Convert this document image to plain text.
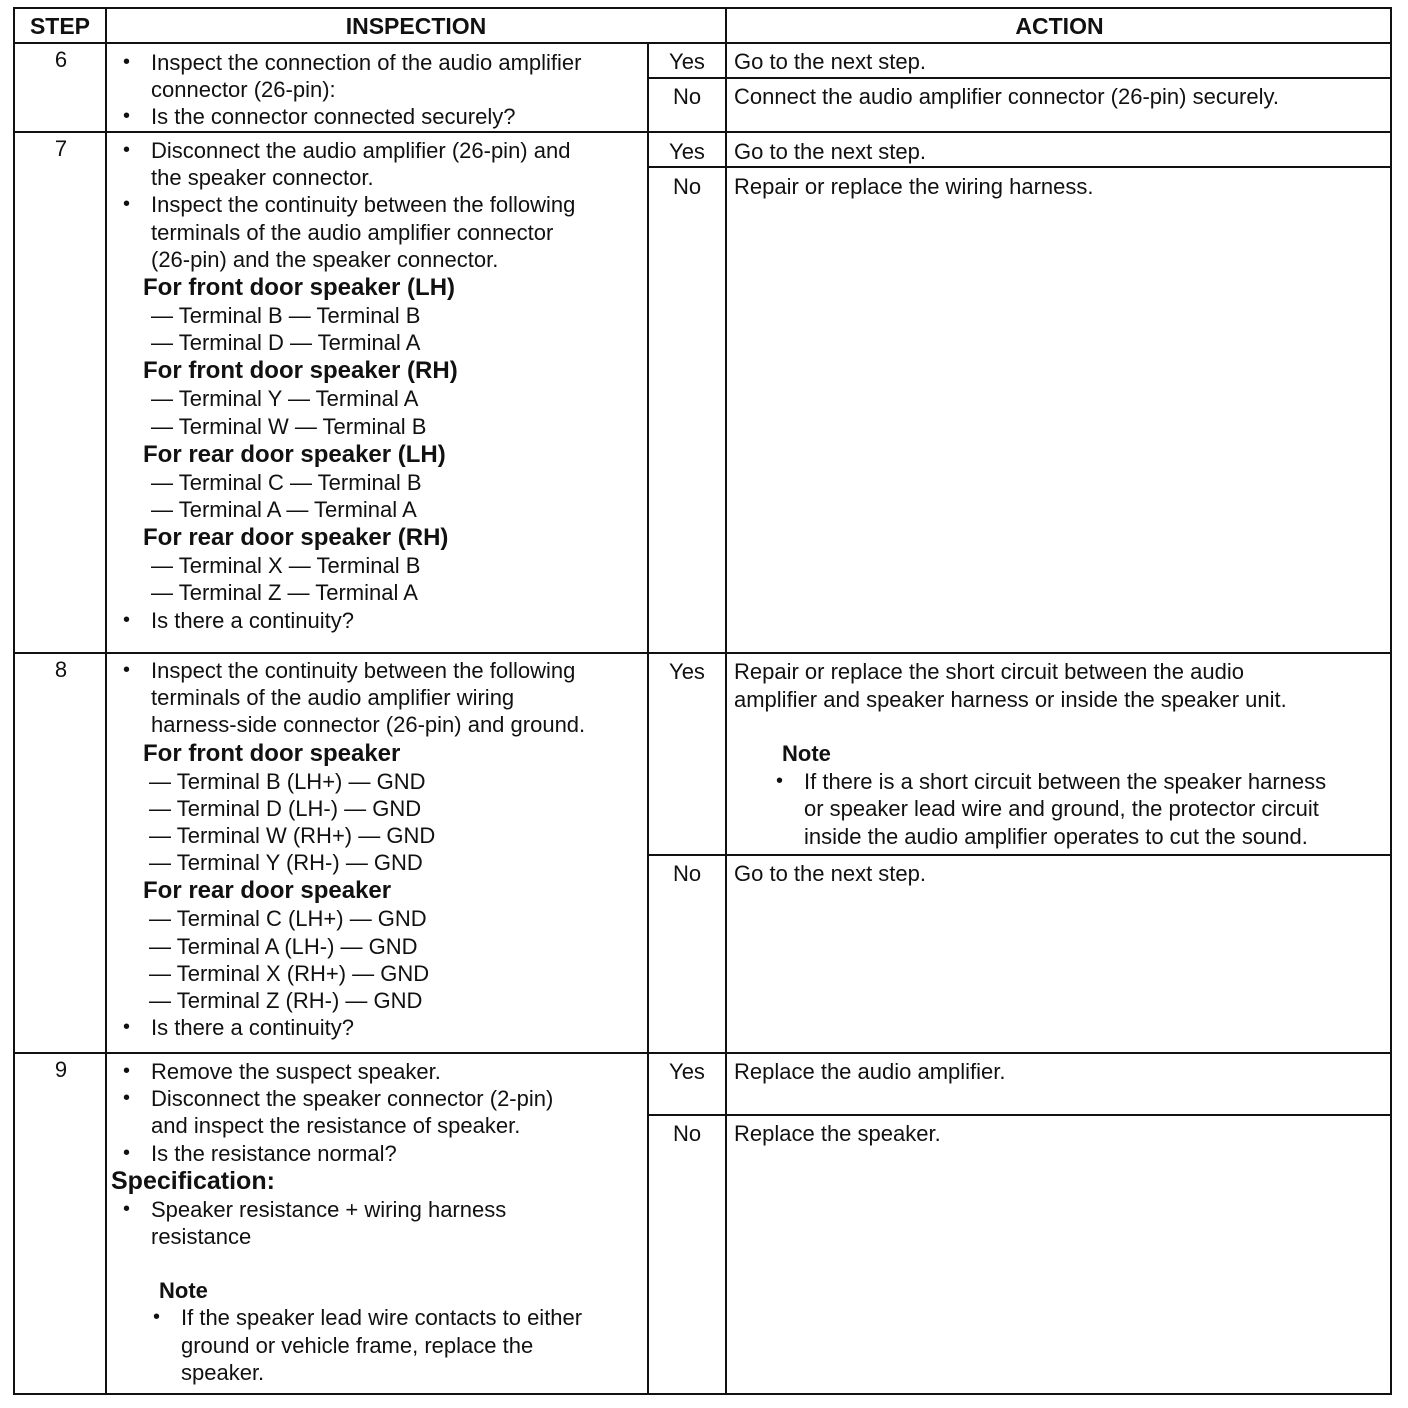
STEP	INSPECTION	ACTION
6	• Inspect the connection of the audio amplifier
connector (26-pin):
• Is the connector connected securely?
Yes	Go to the next step.
No	Connect the audio amplifier connector (26-pin) securely.
7	• Disconnect the audio amplifier (26-pin) and
the speaker connector.
• Inspect the continuity between the following
terminals of the audio amplifier connector
(26-pin) and the speaker connector.
For front door speaker (LH)
— Terminal B — Terminal B
— Terminal D — Terminal A
For front door speaker (RH)
— Terminal Y — Terminal A
— Terminal W — Terminal B
For rear door speaker (LH)
— Terminal C — Terminal B
— Terminal A — Terminal A
For rear door speaker (RH)
— Terminal X — Terminal B
— Terminal Z — Terminal A
• Is there a continuity?
Yes	Go to the next step.
No	Repair or replace the wiring harness.
8	• Inspect the continuity between the following
terminals of the audio amplifier wiring
harness-side connector (26-pin) and ground.
For front door speaker
— Terminal B (LH+) — GND
— Terminal D (LH-) — GND
— Terminal W (RH+) — GND
— Terminal Y (RH-) — GND
For rear door speaker
— Terminal C (LH+) — GND
— Terminal A (LH-) — GND
— Terminal X (RH+) — GND
— Terminal Z (RH-) — GND
• Is there a continuity?
Yes	Repair or replace the short circuit between the audio
amplifier and speaker harness or inside the speaker unit.
Note
• If there is a short circuit between the speaker harness
or speaker lead wire and ground, the protector circuit
inside the audio amplifier operates to cut the sound.
No	Go to the next step.
9	• Remove the suspect speaker.
• Disconnect the speaker connector (2-pin)
and inspect the resistance of speaker.
• Is the resistance normal?
Specification:
• Speaker resistance + wiring harness
resistance
Note
• If the speaker lead wire contacts to either
ground or vehicle frame, replace the
speaker.
Yes	Replace the audio amplifier.
No	Replace the speaker.
